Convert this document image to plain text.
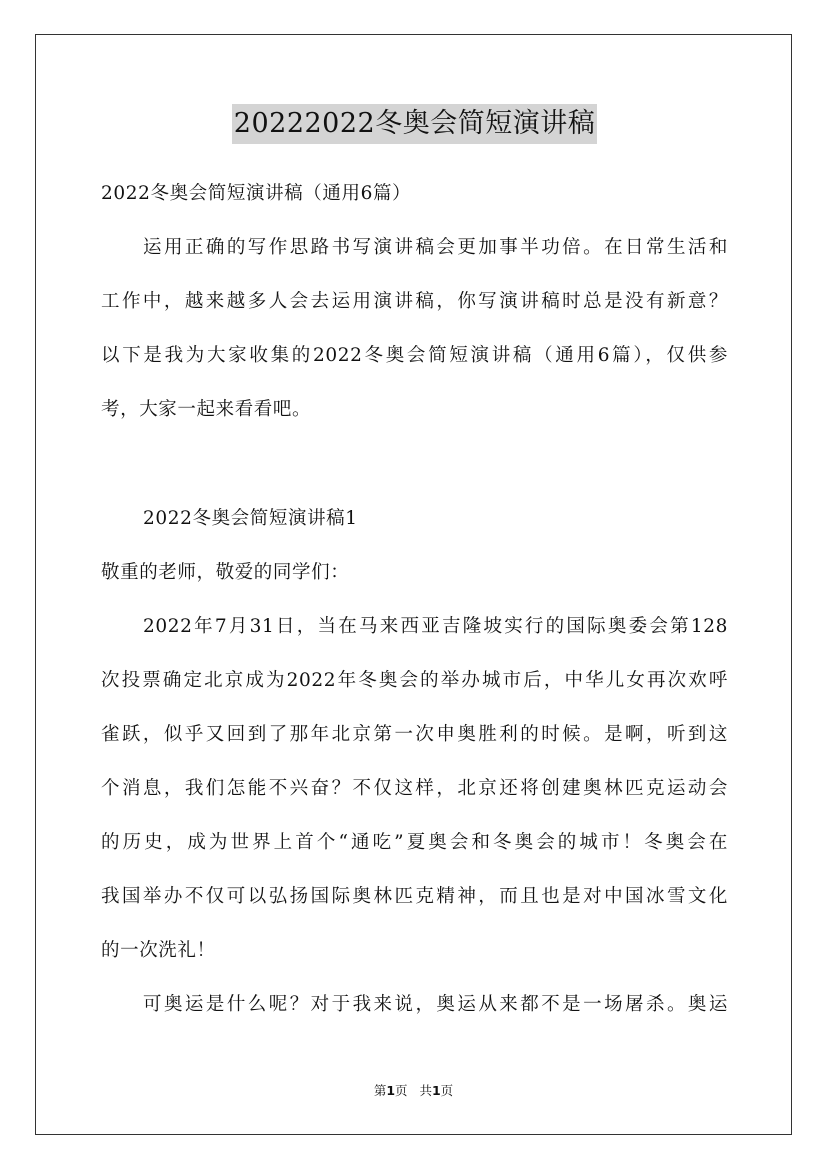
20222022冬奥会简短演讲稿
2022冬奥会简短演讲稿（通用6篇）
运用正确的写作思路书写演讲稿会更加事半功倍。在日常生活和
工作中，越来越多人会去运用演讲稿，你写演讲稿时总是没有新意？
以下是我为大家收集的2022冬奥会简短演讲稿（通用6篇），仅供参
考，大家一起来看看吧。
2022冬奥会简短演讲稿1
敬重的老师，敬爱的同学们：
2022年7月31日，当在马来西亚吉隆坡实行的国际奥委会第128
次投票确定北京成为2022年冬奥会的举办城市后，中华儿女再次欢呼
雀跃，似乎又回到了那年北京第一次申奥胜利的时候。是啊，听到这
个消息，我们怎能不兴奋？不仅这样，北京还将创建奥林匹克运动会
的历史，成为世界上首个“通吃”夏奥会和冬奥会的城市！冬奥会在
我国举办不仅可以弘扬国际奥林匹克精神，而且也是对中国冰雪文化
的一次洗礼！
可奥运是什么呢？对于我来说，奥运从来都不是一场屠杀。奥运
第1页   共1页
